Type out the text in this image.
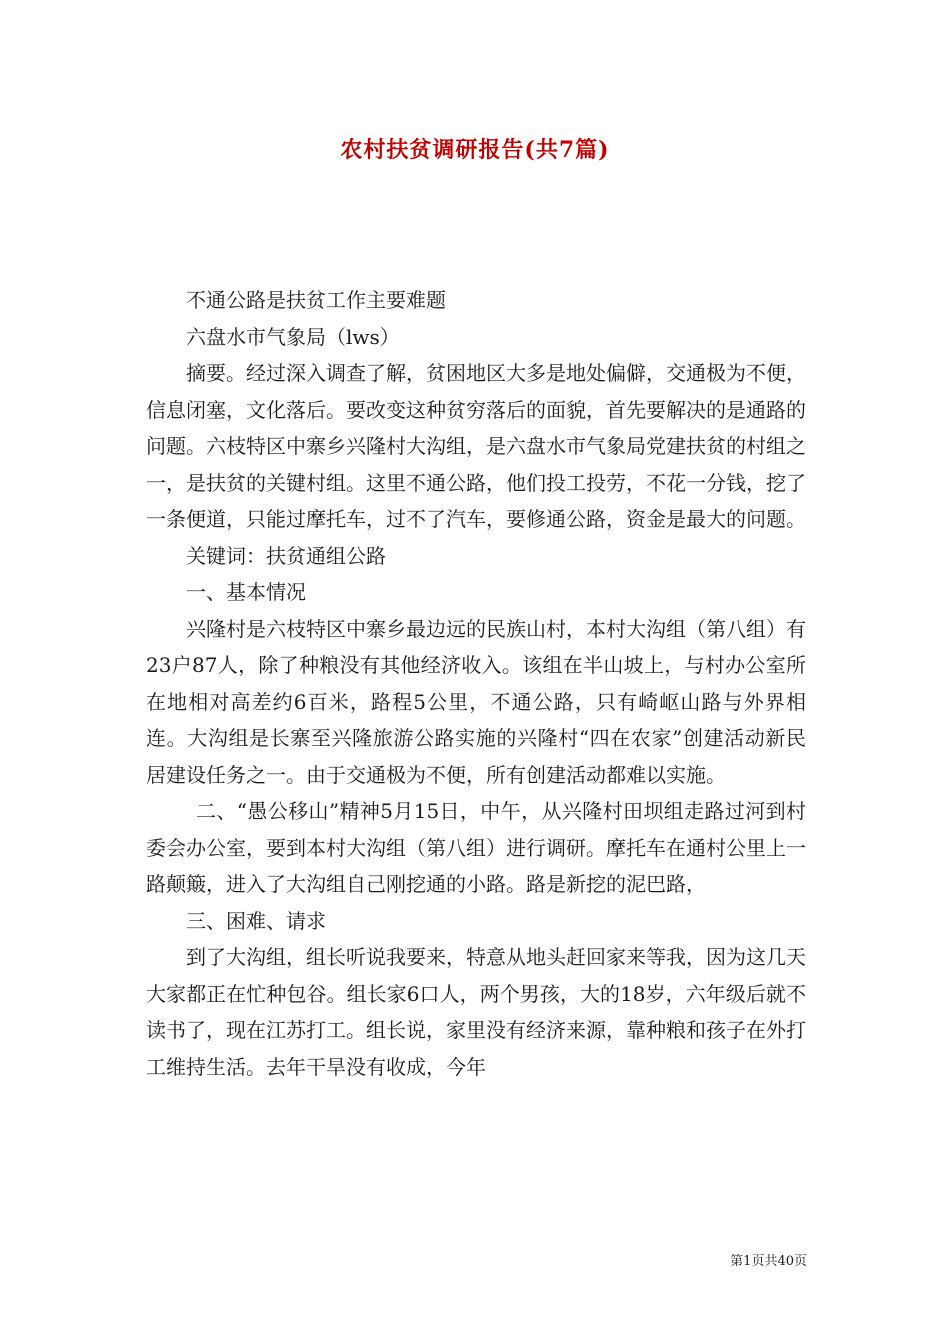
农村扶贫调研报告(共7篇)

不通公路是扶贫工作主要难题

六盘水市气象局（lws）

摘要。经过深入调查了解，贫困地区大多是地处偏僻，交通极为不便，信息闭塞，文化落后。要改变这种贫穷落后的面貌，首先要解决的是通路的问题。六枝特区中寨乡兴隆村大沟组，是六盘水市气象局党建扶贫的村组之一，是扶贫的关键村组。这里不通公路，他们投工投劳，不花一分钱，挖了一条便道，只能过摩托车，过不了汽车，要修通公路，资金是最大的问题。

关键词：扶贫通组公路

一、基本情况

兴隆村是六枝特区中寨乡最边远的民族山村，本村大沟组（第八组）有23户87人，除了种粮没有其他经济收入。该组在半山坡上，与村办公室所在地相对高差约6百米，路程5公里，不通公路，只有崎岖山路与外界相连。大沟组是长寨至兴隆旅游公路实施的兴隆村“四在农家”创建活动新民居建设任务之一。由于交通极为不便，所有创建活动都难以实施。

二、“愚公移山”精神5月15日，中午，从兴隆村田坝组走路过河到村委会办公室，要到本村大沟组（第八组）进行调研。摩托车在通村公里上一路颠簸，进入了大沟组自己刚挖通的小路。路是新挖的泥巴路，

三、困难、请求

到了大沟组，组长听说我要来，特意从地头赶回家来等我，因为这几天大家都正在忙种包谷。组长家6口人，两个男孩，大的18岁，六年级后就不读书了，现在江苏打工。组长说，家里没有经济来源，靠种粮和孩子在外打工维持生活。去年干旱没有收成，今年

第1页共40页
